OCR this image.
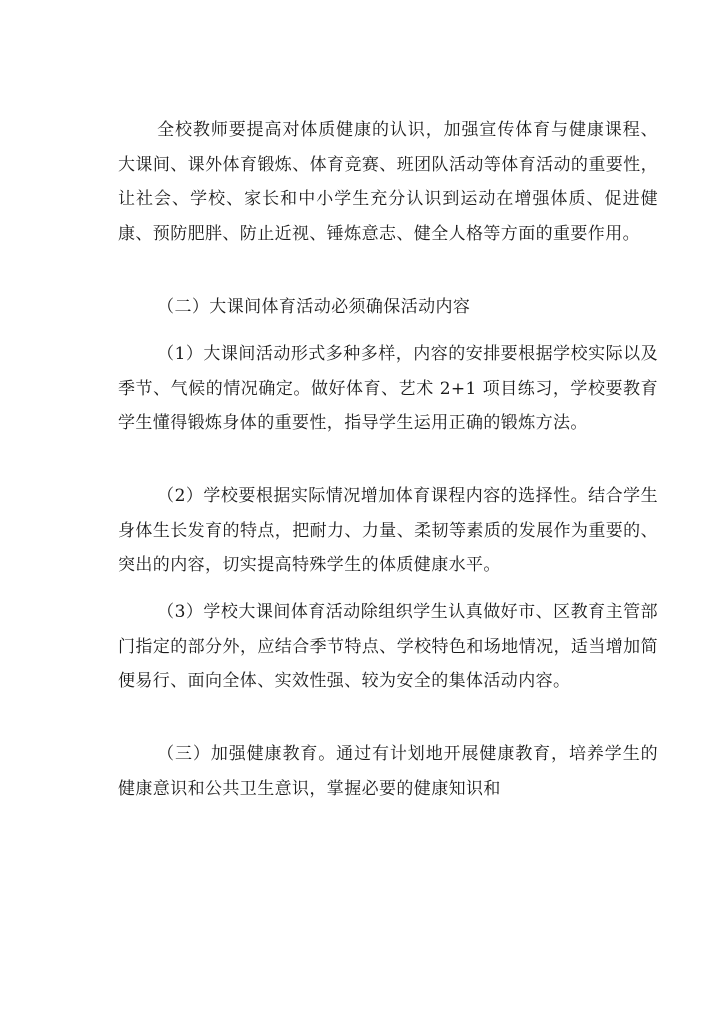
全校教师要提高对体质健康的认识，加强宣传体育与健康课程、大课间、课外体育锻炼、体育竞赛、班团队活动等体育活动的重要性，让社会、学校、家长和中小学生充分认识到运动在增强体质、促进健康、预防肥胖、防止近视、锤炼意志、健全人格等方面的重要作用。

（二）大课间体育活动必须确保活动内容

（1）大课间活动形式多种多样，内容的安排要根据学校实际以及季节、气候的情况确定。做好体育、艺术 2+1 项目练习，学校要教育学生懂得锻炼身体的重要性，指导学生运用正确的锻炼方法。

（2）学校要根据实际情况增加体育课程内容的选择性。结合学生身体生长发育的特点，把耐力、力量、柔韧等素质的发展作为重要的、突出的内容，切实提高特殊学生的体质健康水平。

（3）学校大课间体育活动除组织学生认真做好市、区教育主管部门指定的部分外，应结合季节特点、学校特色和场地情况，适当增加简便易行、面向全体、实效性强、较为安全的集体活动内容。

（三）加强健康教育。通过有计划地开展健康教育，培养学生的健康意识和公共卫生意识，掌握必要的健康知识和
